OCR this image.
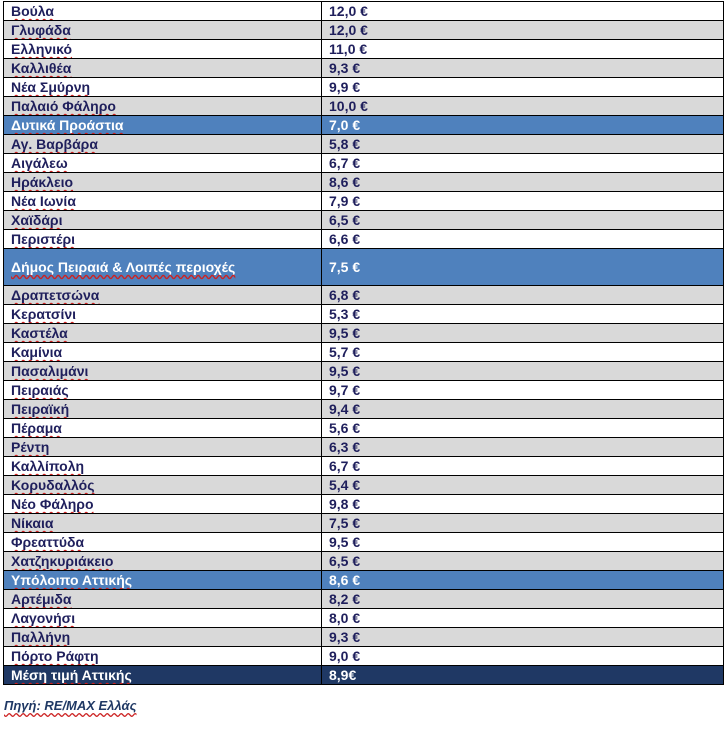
Βούλα	12,0 €
Γλυφάδα	12,0 €
Ελληνικό	11,0 €
Καλλιθέα	9,3 €
Νέα Σμύρνη	9,9 €
Παλαιό Φάληρο	10,0 €
Δυτικά Προάστια	7,0 €
Αγ. Βαρβάρα	5,8 €
Αιγάλεω	6,7 €
Ηράκλειο	8,6 €
Νέα Ιωνία	7,9 €
Χαϊδάρι	6,5 €
Περιστέρι	6,6 €
Δήμος Πειραιά & Λοιπές περιοχές	7,5 €
Δραπετσώνα	6,8 €
Κερατσίνι	5,3 €
Καστέλα	9,5 €
Καμίνια	5,7 €
Πασαλιμάνι	9,5 €
Πειραιάς	9,7 €
Πειραϊκή	9,4 €
Πέραμα	5,6 €
Ρέντη	6,3 €
Καλλίπολη	6,7 €
Κορυδαλλός	5,4 €
Νέο Φάληρο	9,8 €
Νίκαια	7,5 €
Φρεαττύδα	9,5 €
Χατζηκυριάκειο	6,5 €
Υπόλοιπο Αττικής	8,6 €
Αρτέμιδα	8,2 €
Λαγονήσι	8,0 €
Παλλήνη	9,3 €
Πόρτο Ράφτη	9,0 €
Μέση τιμή Αττικής	8,9€
Πηγή: RE/MAX Ελλάς
